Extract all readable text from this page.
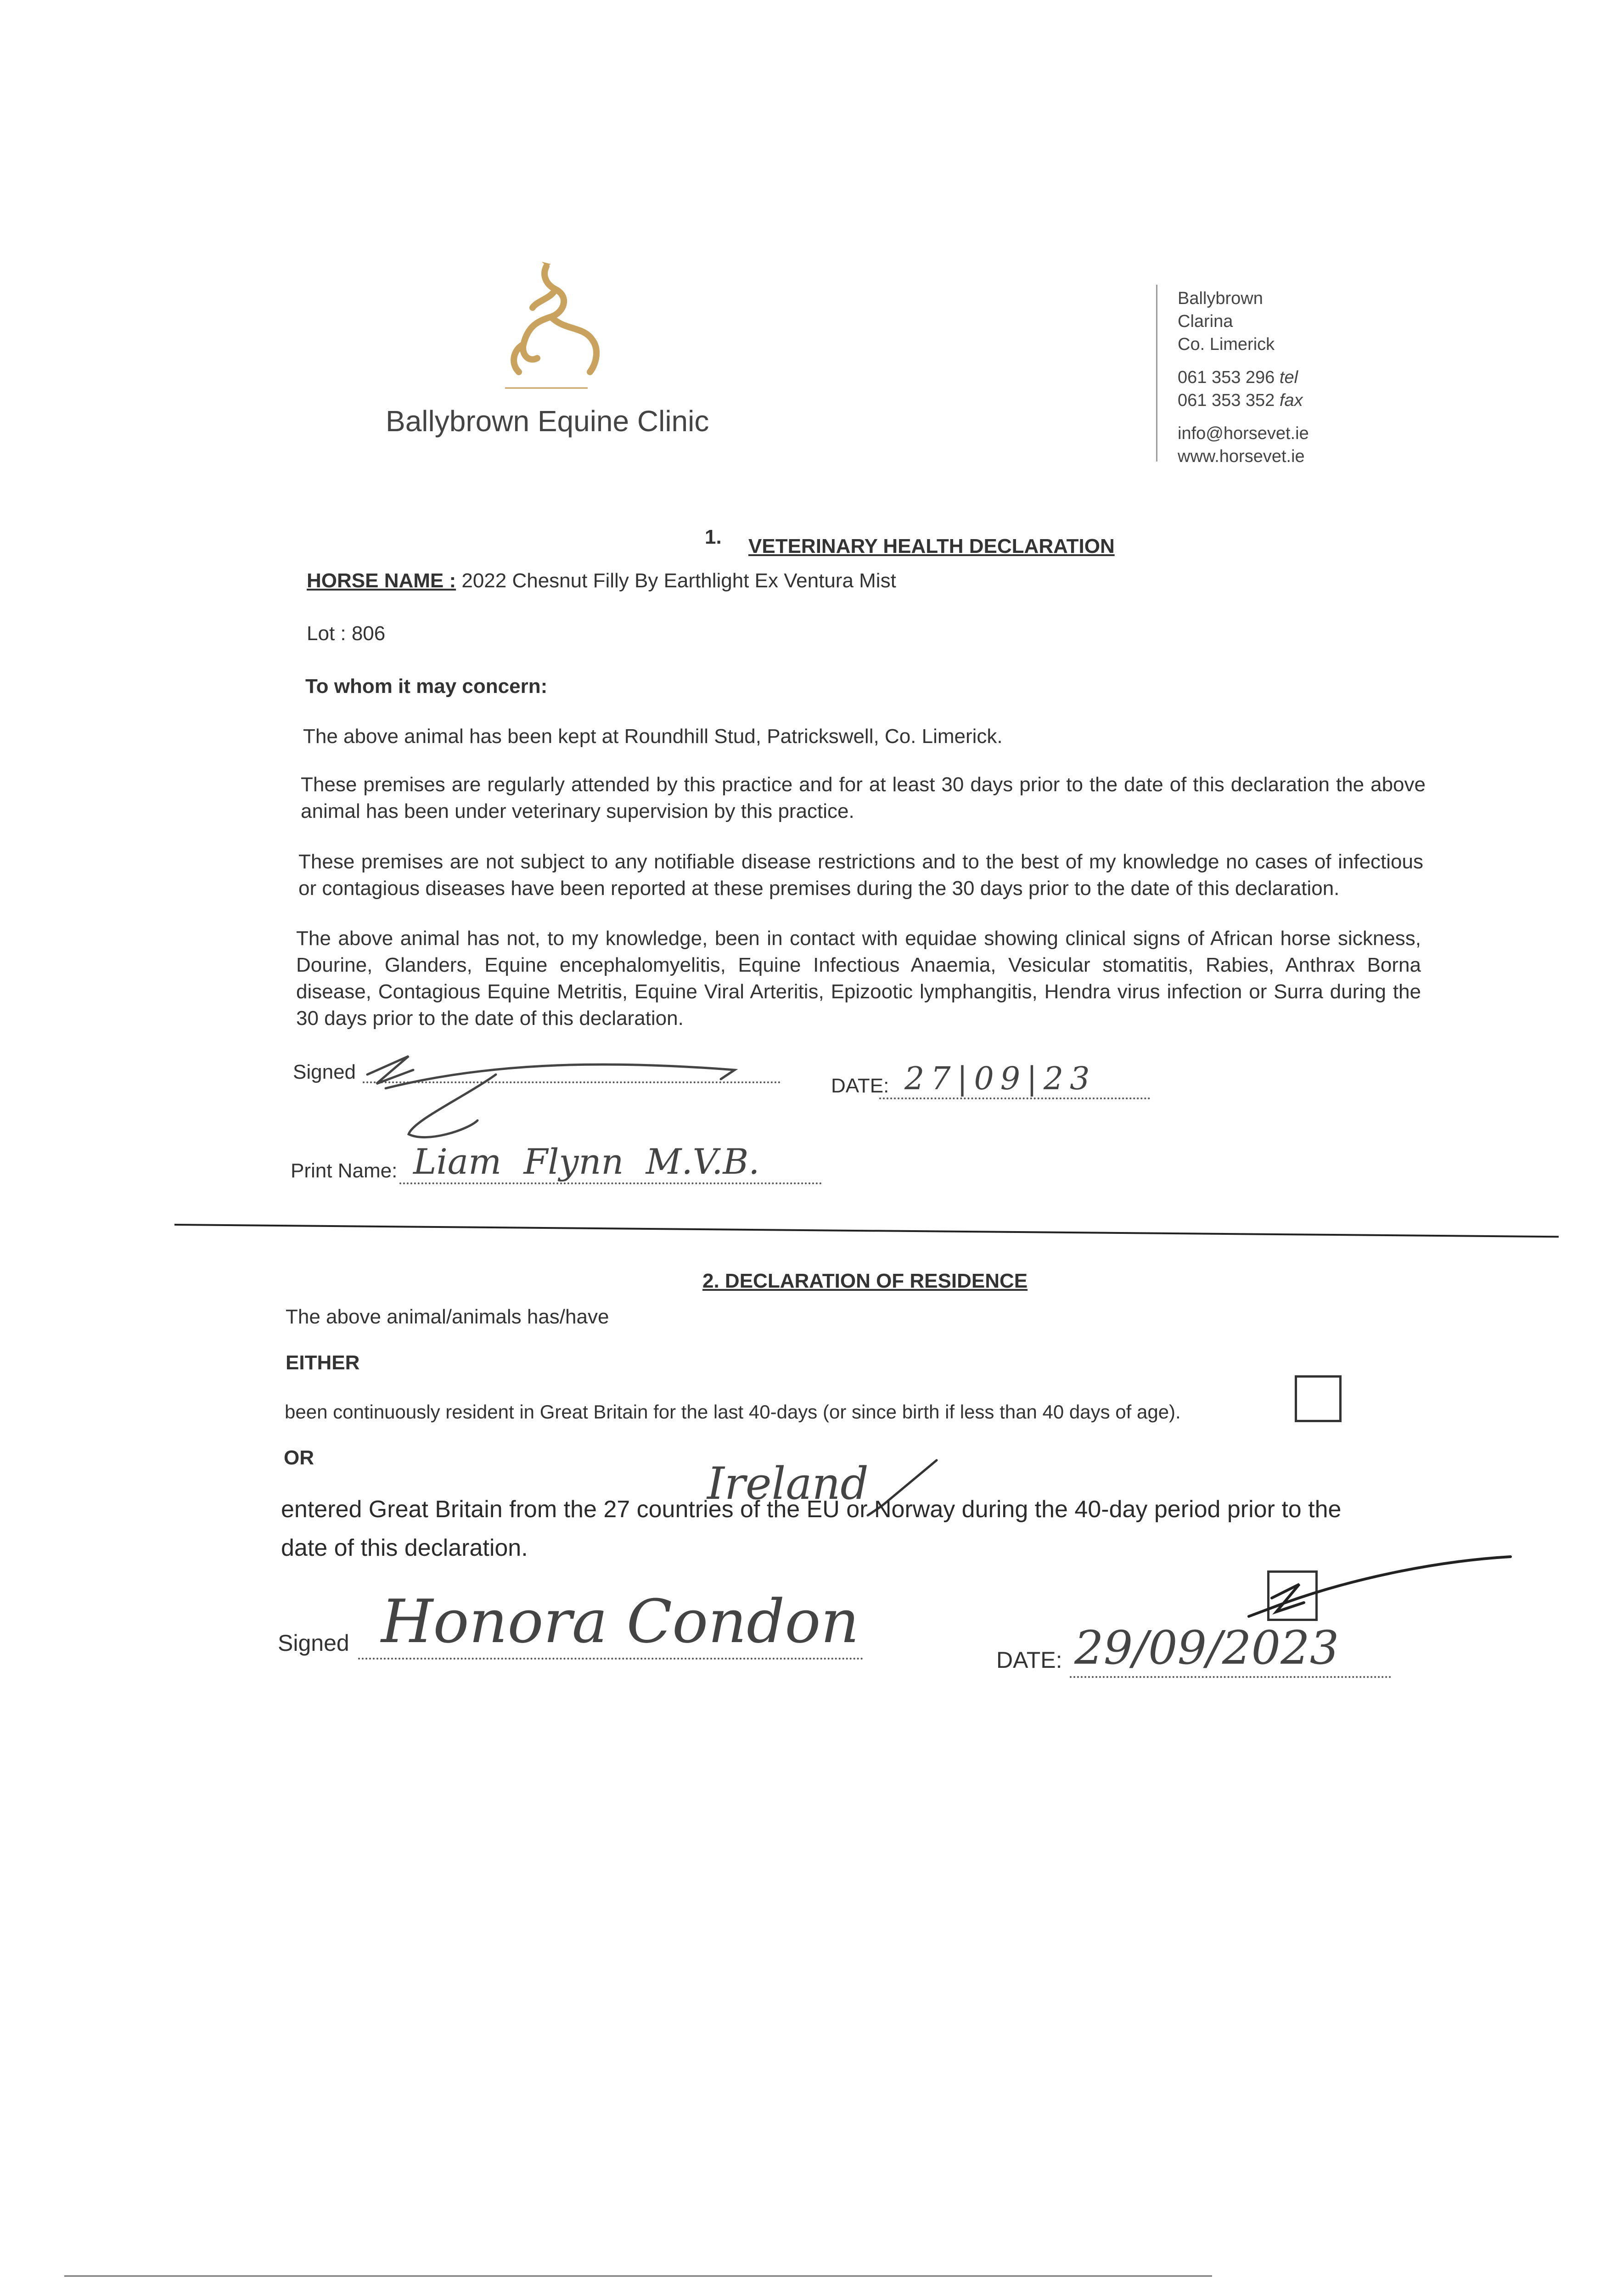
Ballybrown Equine Clinic
Ballybrown
Clarina
Co. Limerick
061 353 296 tel
061 353 352 fax
info@horsevet.ie
www.horsevet.ie
1. VETERINARY HEALTH DECLARATION
HORSE NAME : 2022 Chesnut Filly By Earthlight Ex Ventura Mist
Lot : 806
To whom it may concern:
The above animal has been kept at Roundhill Stud, Patrickswell, Co. Limerick.
These premises are regularly attended by this practice and for at least 30 days prior to the date of this declaration the above animal has been under veterinary supervision by this practice.
These premises are not subject to any notifiable disease restrictions and to the best of my knowledge no cases of infectious or contagious diseases have been reported at these premises during the 30 days prior to the date of this declaration.
The above animal has not, to my knowledge, been in contact with equidae showing clinical signs of African horse sickness, Dourine, Glanders, Equine encephalomyelitis, Equine Infectious Anaemia, Vesicular stomatitis, Rabies, Anthrax Borna disease, Contagious Equine Metritis, Equine Viral Arteritis, Epizootic lymphangitis, Hendra virus infection or Surra during the 30 days prior to the date of this declaration.
Signed
DATE: 27|09|23
Print Name: Liam  Flynn  M.V.B.
2. DECLARATION OF RESIDENCE
The above animal/animals has/have
EITHER
been continuously resident in Great Britain for the last 40-days (or since birth if less than 40 days of age).
OR
Ireland
entered Great Britain from the 27 countries of the EU or Norway during the 40-day period prior to the date of this declaration.
Signed Honora Condon
DATE: 29/09/2023
